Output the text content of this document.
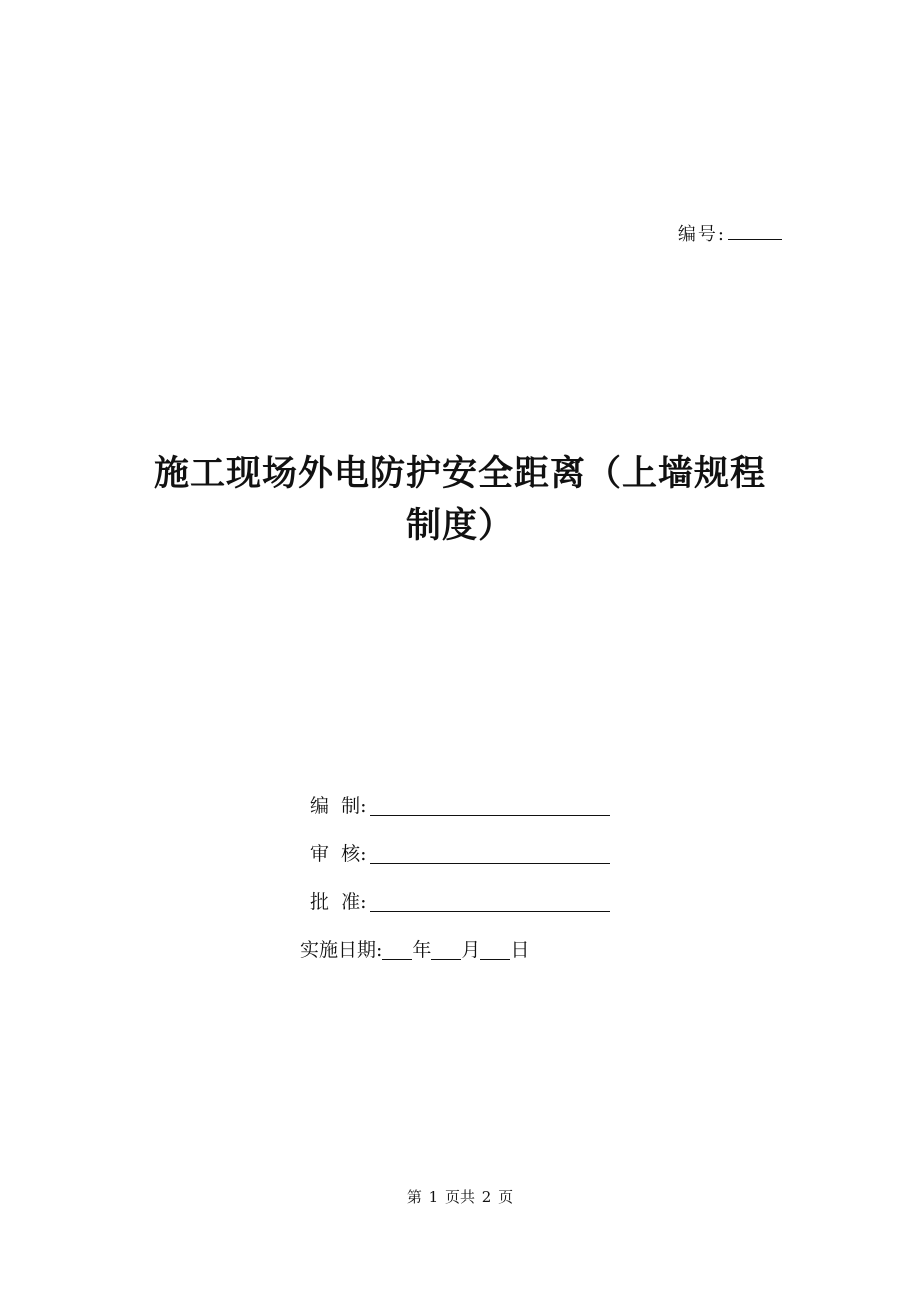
编号:
施工现场外电防护安全距离（上墙规程
制度）
编  制:
审  核:
批  准:
实施日期: 年 月 日
第 1 页共 2 页
